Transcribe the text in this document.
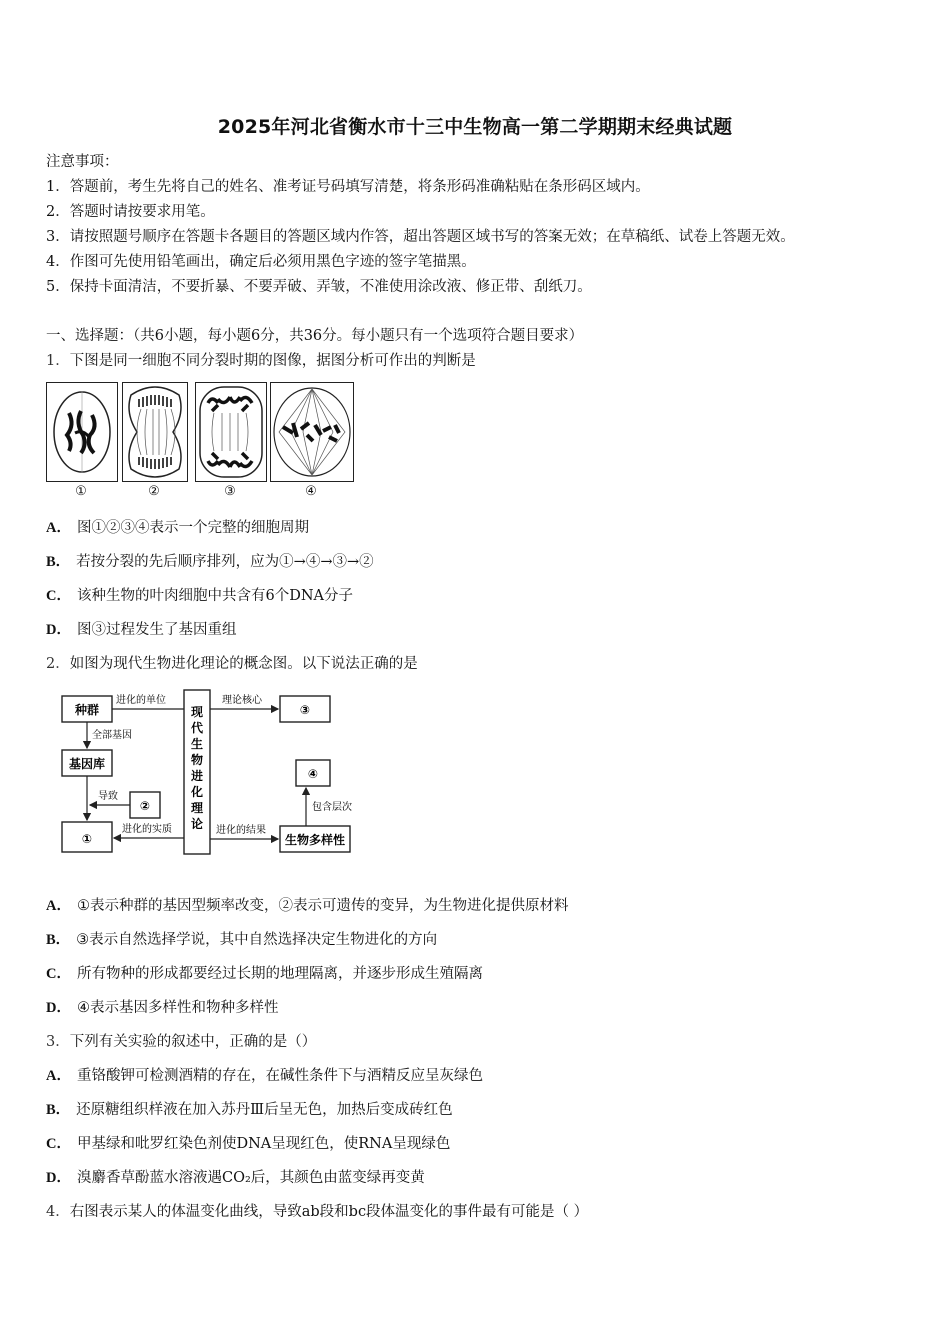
2025年河北省衡水市十三中生物高一第二学期期末经典试题
注意事项：
1．答题前，考生先将自己的姓名、准考证号码填写清楚，将条形码准确粘贴在条形码区域内。
2．答题时请按要求用笔。
3．请按照题号顺序在答题卡各题目的答题区域内作答，超出答题区域书写的答案无效；在草稿纸、试卷上答题无效。
4．作图可先使用铅笔画出，确定后必须用黑色字迹的签字笔描黑。
5．保持卡面清洁，不要折暴、不要弄破、弄皱，不准使用涂改液、修正带、刮纸刀。
一、选择题：（共6小题，每小题6分，共36分。每小题只有一个选项符合题目要求）
1．下图是同一细胞不同分裂时期的图像，据图分析可作出的判断是
①	②	③	④
A． 图①②③④表示一个完整的细胞周期
B． 若按分裂的先后顺序排列，应为①→④→③→②
C． 该种生物的叶肉细胞中共含有6个DNA分子
D． 图③过程发生了基因重组
2．如图为现代生物进化理论的概念图。以下说法正确的是
种群
基因库
①
②
现
代
生
物
进
化
理
论
③
④
生物多样性
进化的单位
全部基因
导致
进化的实质
理论核心
进化的结果
包含层次
A． ①表示种群的基因型频率改变，②表示可遗传的变异，为生物进化提供原材料
B． ③表示自然选择学说，其中自然选择决定生物进化的方向
C． 所有物种的形成都要经过长期的地理隔离，并逐步形成生殖隔离
D． ④表示基因多样性和物种多样性
3．下列有关实验的叙述中，正确的是（）
A． 重铬酸钾可检测酒精的存在，在碱性条件下与酒精反应呈灰绿色
B． 还原糖组织样液在加入苏丹Ⅲ后呈无色，加热后变成砖红色
C． 甲基绿和吡罗红染色剂使DNA呈现红色，使RNA呈现绿色
D． 溴麝香草酚蓝水溶液遇CO₂后，其颜色由蓝变绿再变黄
4．右图表示某人的体温变化曲线，导致ab段和bc段体温变化的事件最有可能是（ ）
